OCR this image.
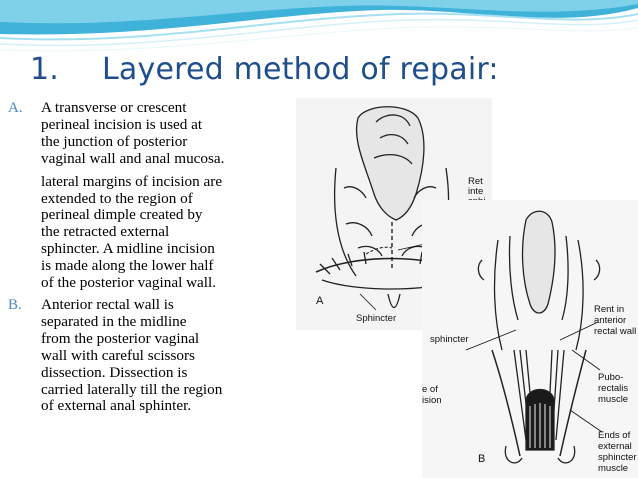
1. Layered method of repair:
A.	A transverse or crescent
perineal incision is used at
the junction of posterior
vaginal wall and anal mucosa.
lateral margins of incision are
extended to the region of
perineal dimple created by
the retracted external
sphincter. A midline incision
is made along the lower half
of the posterior vaginal wall.
B.	Anterior rectal wall is
separated in the midline
from the posterior vaginal
wall with careful scissors
dissection. Dissection is
carried laterally till the region
of external anal sphinter.
A
Ret
inte
Sphincter
B
Rent in
anterior
rectal wall
sphincter
e of
ision
Pubo-
rectalis
muscle
Ends of
external
sphincter
muscle
